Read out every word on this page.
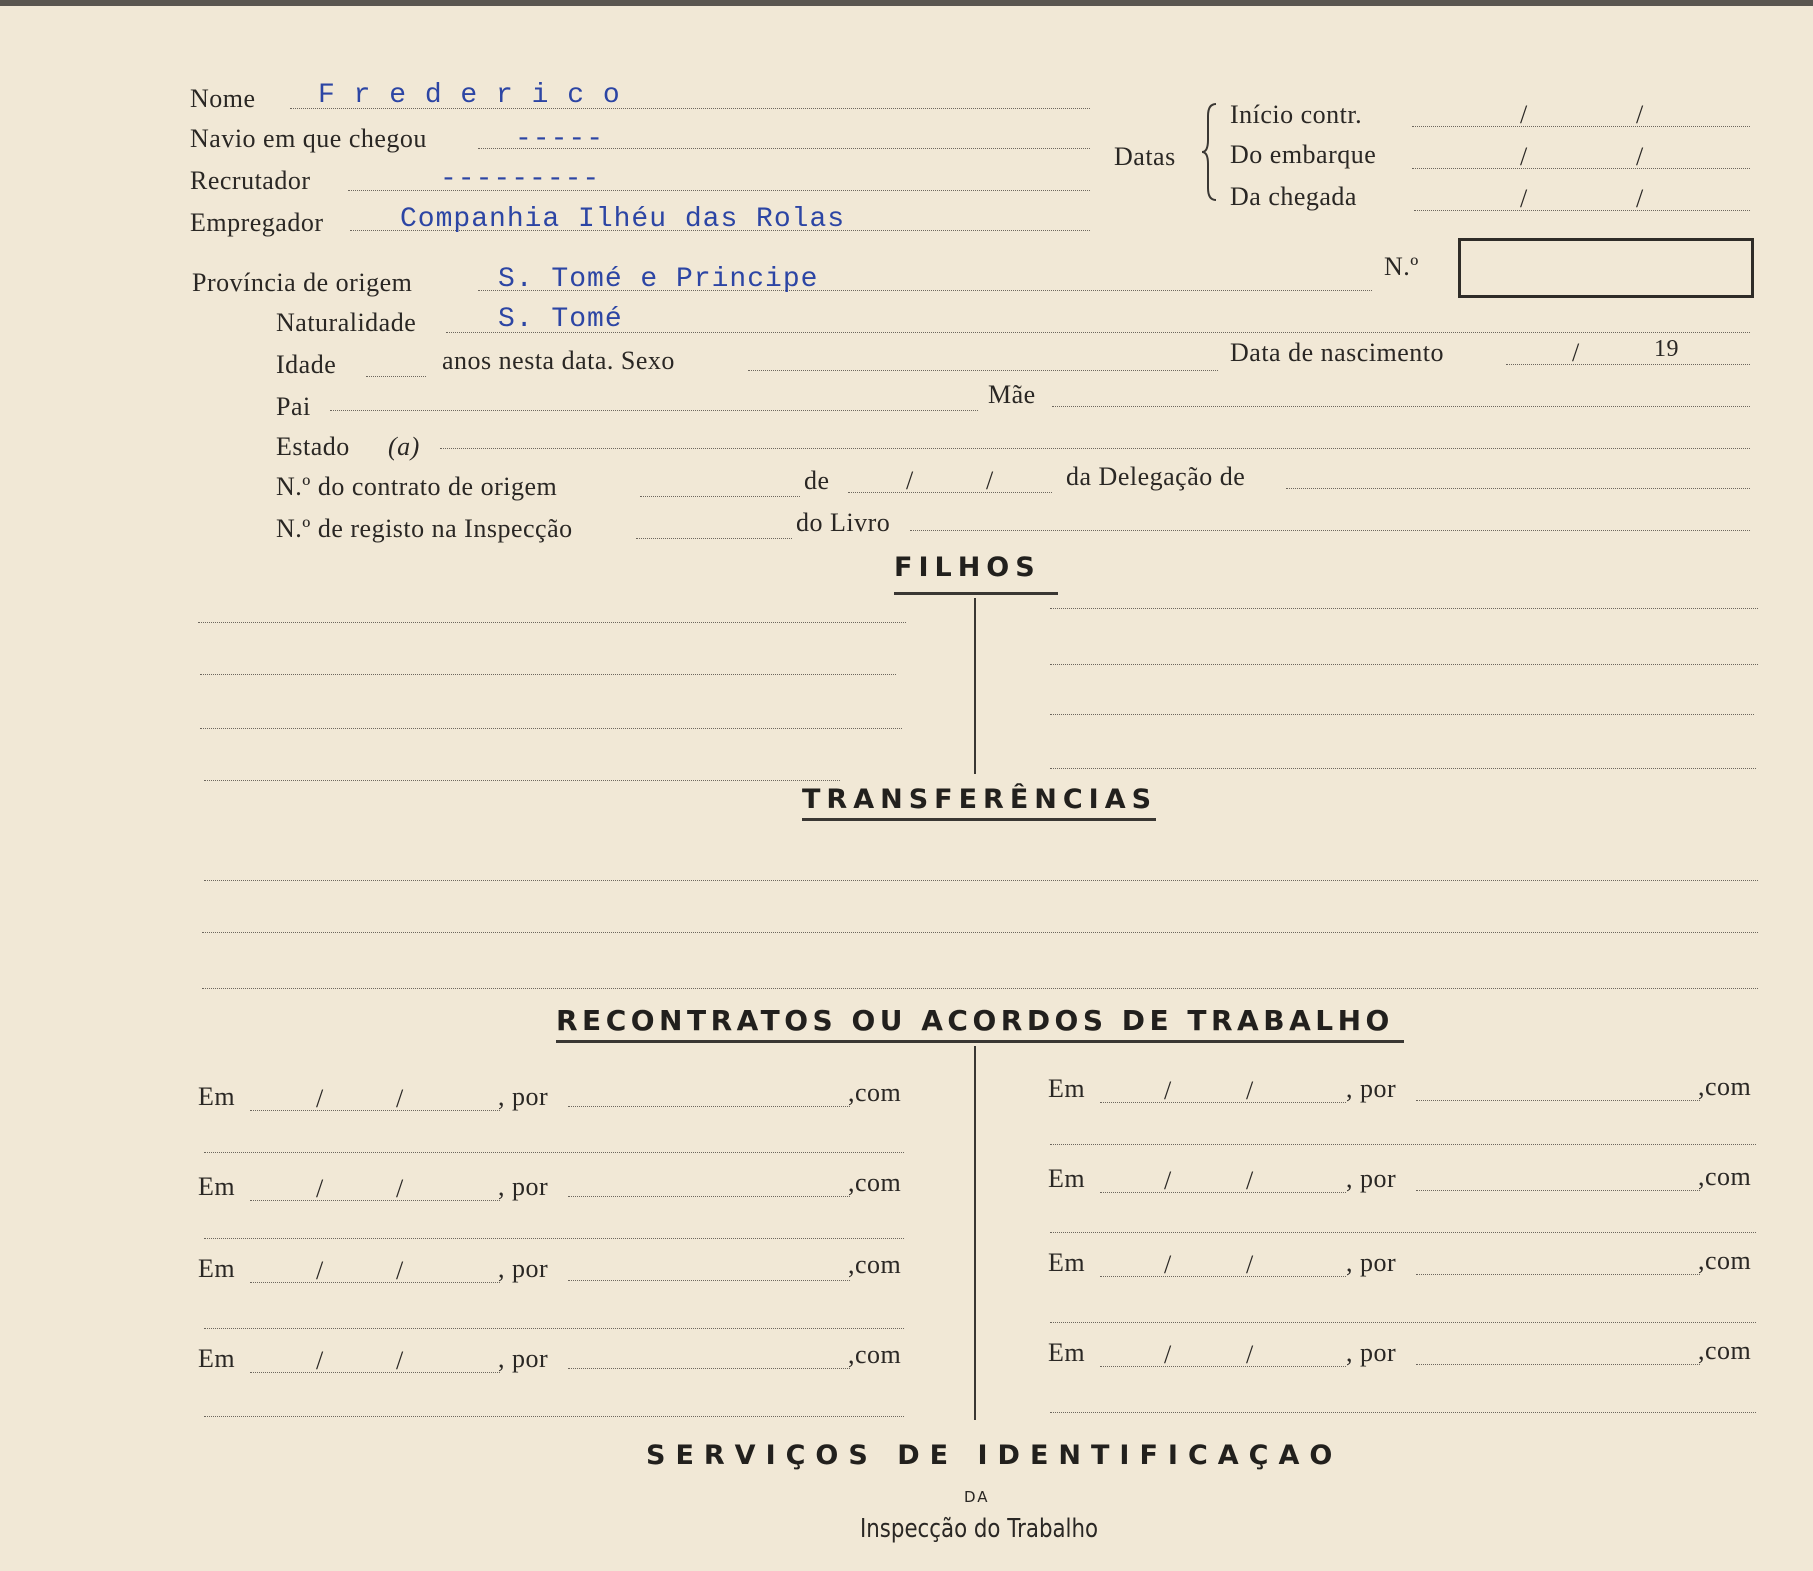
Nome F r e d e r i c o
Navio em que chegou	-----
Recrutador	---------
Empregador	Companhia Ilhéu das Rolas
Datas
Início contr.	/	/
Do embarque	/	/
Da chegada	/	/
Província de origem	S. Tomé e Principe	N.º
Naturalidade	S. Tomé
Idade	anos nesta data. Sexo	Data de nascimento	/	19
Pai	Mãe
Estado (a)
N.º do contrato de origem	de	/	/	da Delegação de
N.º de registo na Inspecção	do Livro
FILHOS
TRANSFERÊNCIAS
RECONTRATOS OU ACORDOS DE TRABALHO
Em	/	/	, por	,com
Em	/	/	, por	,com
Em	/	/	, por	,com
Em	/	/	, por	,com
Em	/	/	, por	,com
Em	/	/	, por	,com
Em	/	/	, por	,com
Em	/	/	, por	,com
SERVIÇOS DE IDENTIFICAÇAO
DA
Inspecção do Trabalho
